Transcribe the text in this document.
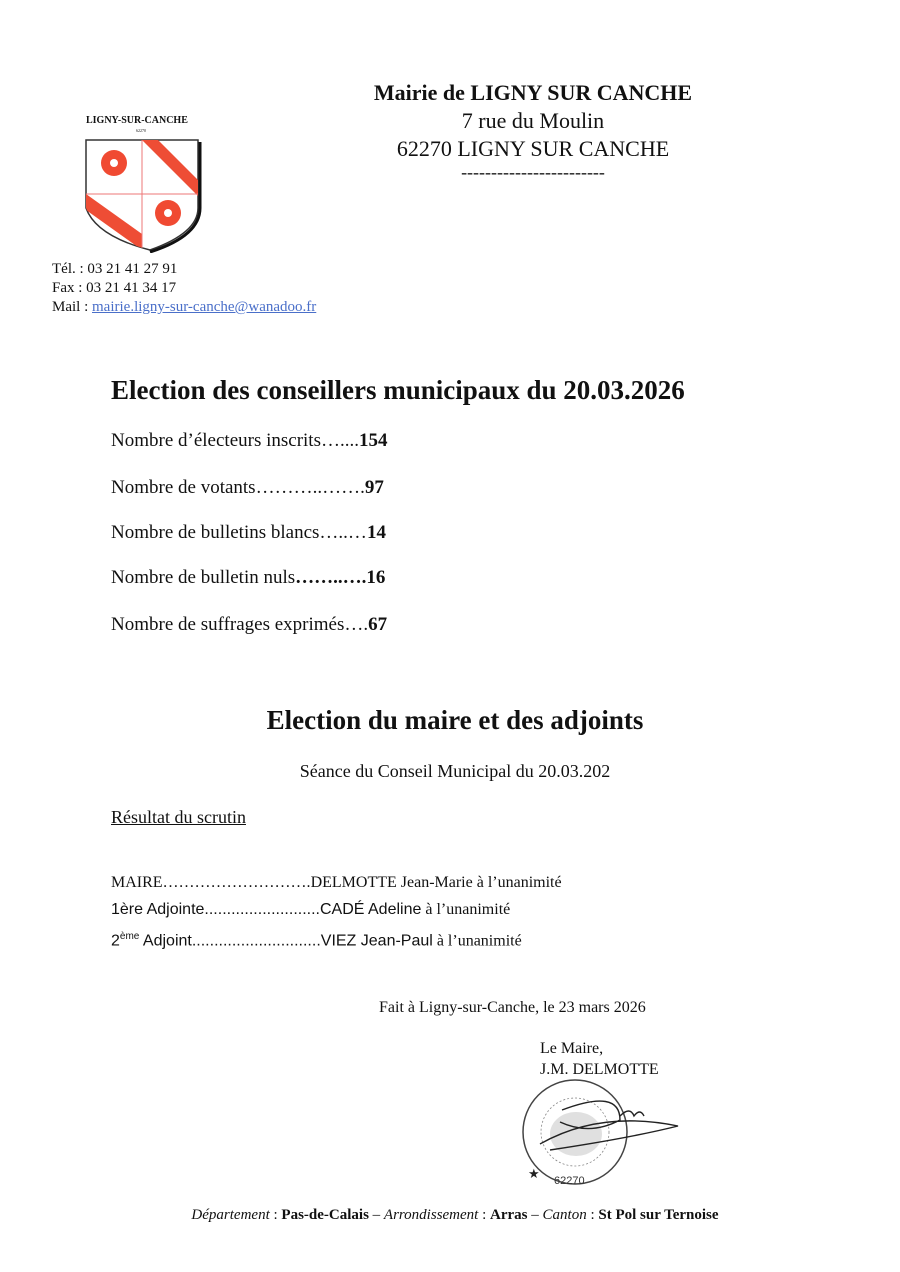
LIGNY-SUR-CANCHE
62270
Mairie de LIGNY SUR CANCHE
7 rue du Moulin
62270 LIGNY SUR CANCHE
------------------------
Tél. : 03 21 41 27 91
Fax : 03 21 41 34 17
Mail : mairie.ligny-sur-canche@wanadoo.fr
Election des conseillers municipaux du 20.03.2026
Nombre d’électeurs inscrits…....154
Nombre de votants………..…….97
Nombre de bulletins blancs…..…14
Nombre de bulletin nuls……..….16
Nombre de suffrages exprimés….67
Election du maire et des adjoints
Séance du Conseil Municipal du 20.03.202
Résultat du scrutin
MAIRE……………………….DELMOTTE Jean-Marie à l’unanimité
1ère Adjointe..........................CADÉ Adeline à l’unanimité
2ème Adjoint.............................VIEZ Jean-Paul à l’unanimité
Fait à Ligny-sur-Canche, le 23 mars 2026
Le Maire,
J.M. DELMOTTE
★ 62270
Département : Pas-de-Calais – Arrondissement : Arras – Canton : St Pol sur Ternoise
